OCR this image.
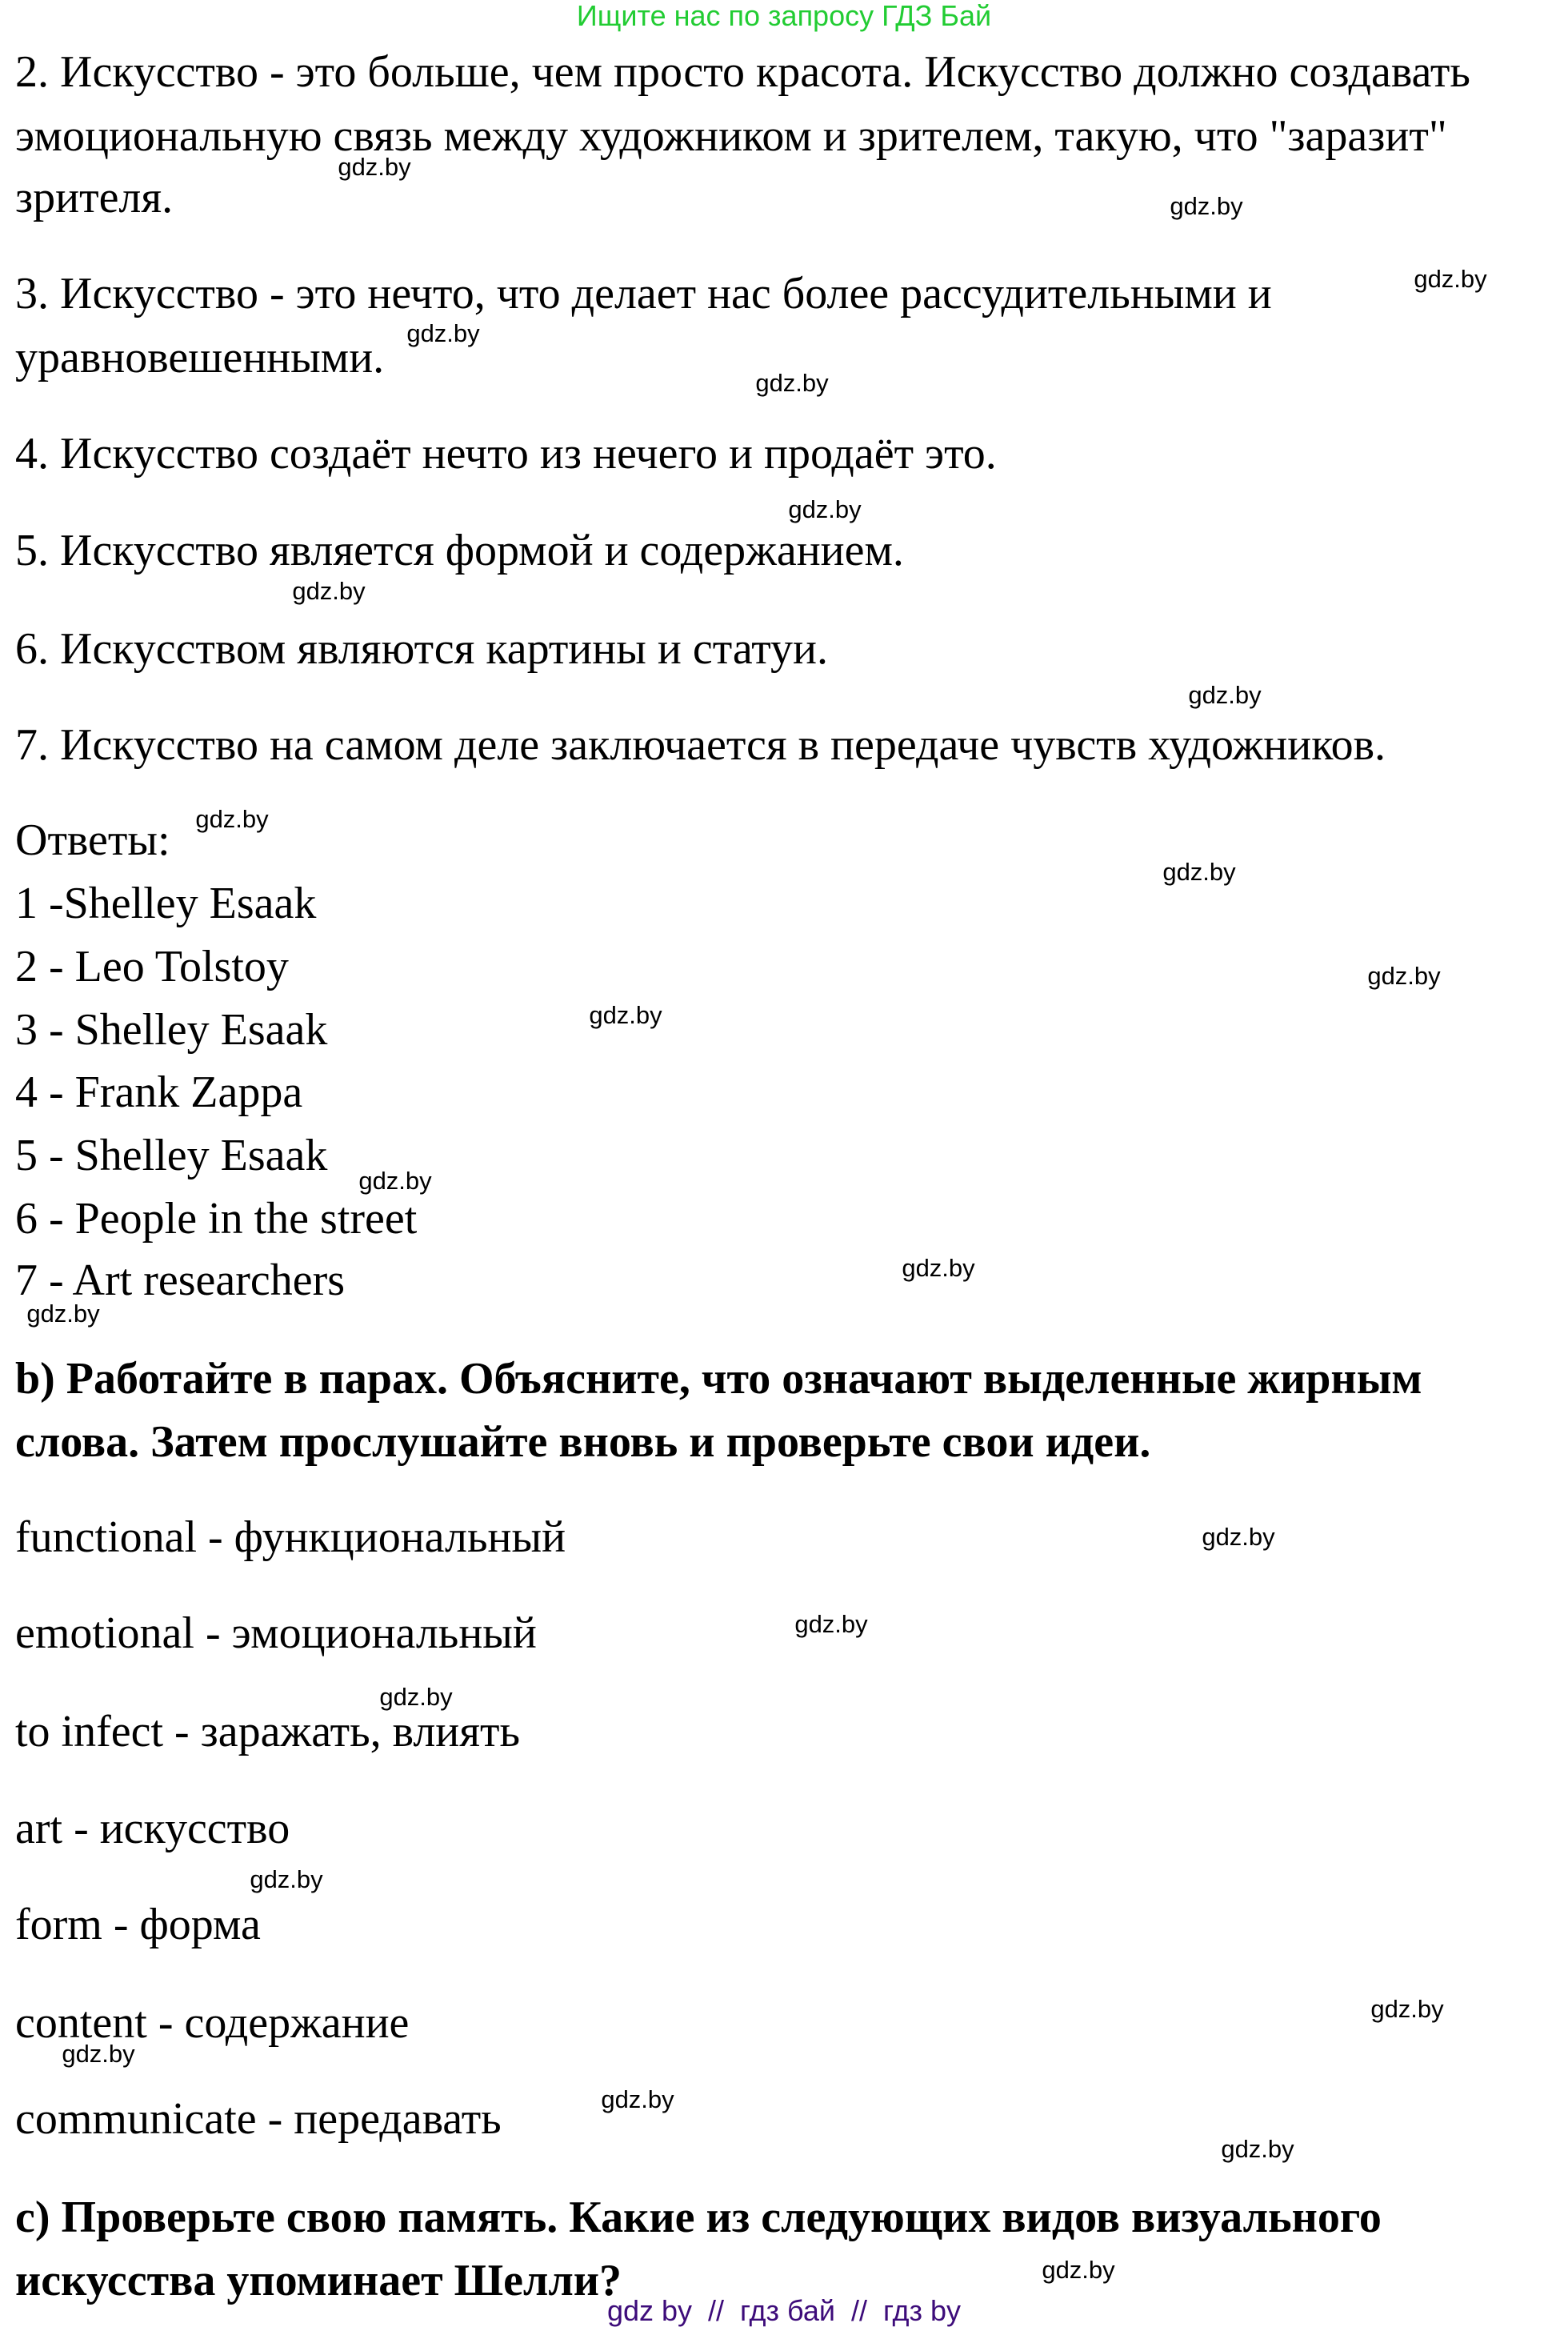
Ищите нас по запросу ГДЗ Бай
2. Искусство - это больше, чем просто красота. Искусство должно создавать
эмоциональную связь между художником и зрителем, такую, что "заразит"
зрителя.
3. Искусство - это нечто, что делает нас более рассудительными и
уравновешенными.
4. Искусство создаёт нечто из нечего и продаёт это.
5. Искусство является формой и содержанием.
6. Искусством являются картины и статуи.
7. Искусство на самом деле заключается в передаче чувств художников.
Ответы:
1 -Shelley Esaak
2 - Leo Tolstoy
3 - Shelley Esaak
4 - Frank Zappa
5 - Shelley Esaak
6 - People in the street
7 - Art researchers
b) Работайте в парах. Объясните, что означают выделенные жирным
слова. Затем прослушайте вновь и проверьте свои идеи.
functional - функциональный
emotional - эмоциональный
to infect - заражать, влиять
art - искусство
form - форма
content - содержание
communicate - передавать
c) Проверьте свою память. Какие из следующих видов визуального
искусства упоминает Шелли?
gdz.by
gdz.by
gdz.by
gdz.by
gdz.by
gdz.by
gdz.by
gdz.by
gdz.by
gdz.by
gdz.by
gdz.by
gdz.by
gdz.by
gdz.by
gdz.by
gdz.by
gdz.by
gdz.by
gdz.by
gdz.by
gdz.by
gdz.by
gdz.by
gdz by  //  гдз бай  //  гдз by
